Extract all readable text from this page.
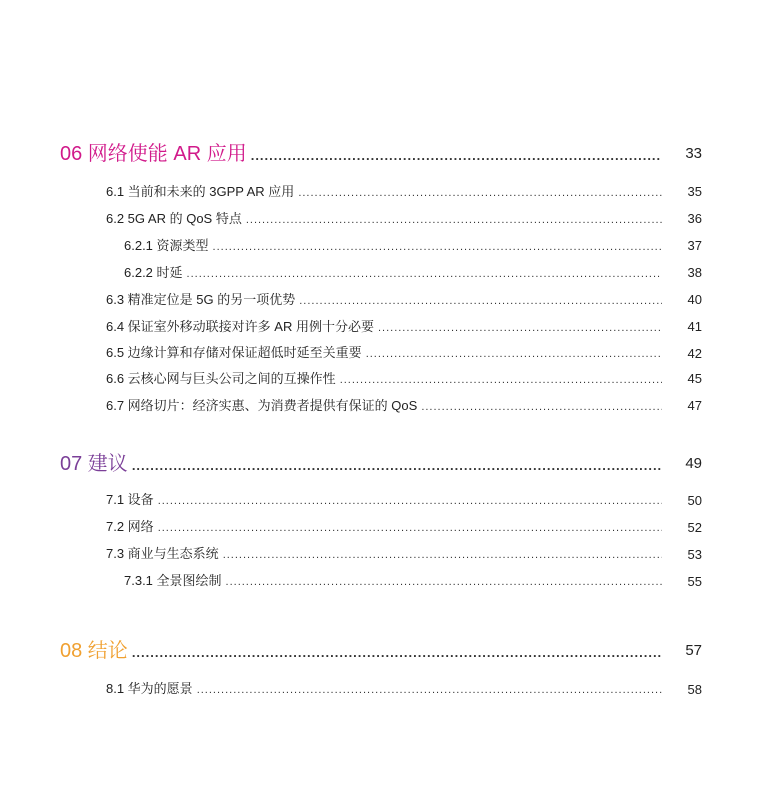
06 网络使能 AR 应用 .....	33
6.1 当前和未来的 3GPP AR 应用 .....	35
6.2 5G AR 的 QoS 特点 .....	36
6.2.1 资源类型 .....	37
6.2.2 时延 .....	38
6.3 精准定位是 5G 的另一项优势 .....	40
6.4 保证室外移动联接对许多 AR 用例十分必要 .....	41
6.5 边缘计算和存储对保证超低时延至关重要 .....	42
6.6 云核心网与巨头公司之间的互操作性 .....	45
6.7 网络切片：经济实惠、为消费者提供有保证的 QoS .....	47
07 建议 .....	49
7.1 设备 .....	50
7.2 网络 .....	52
7.3 商业与生态系统 .....	53
7.3.1 全景图绘制 .....	55
08 结论 .....	57
8.1 华为的愿景 .....	58
